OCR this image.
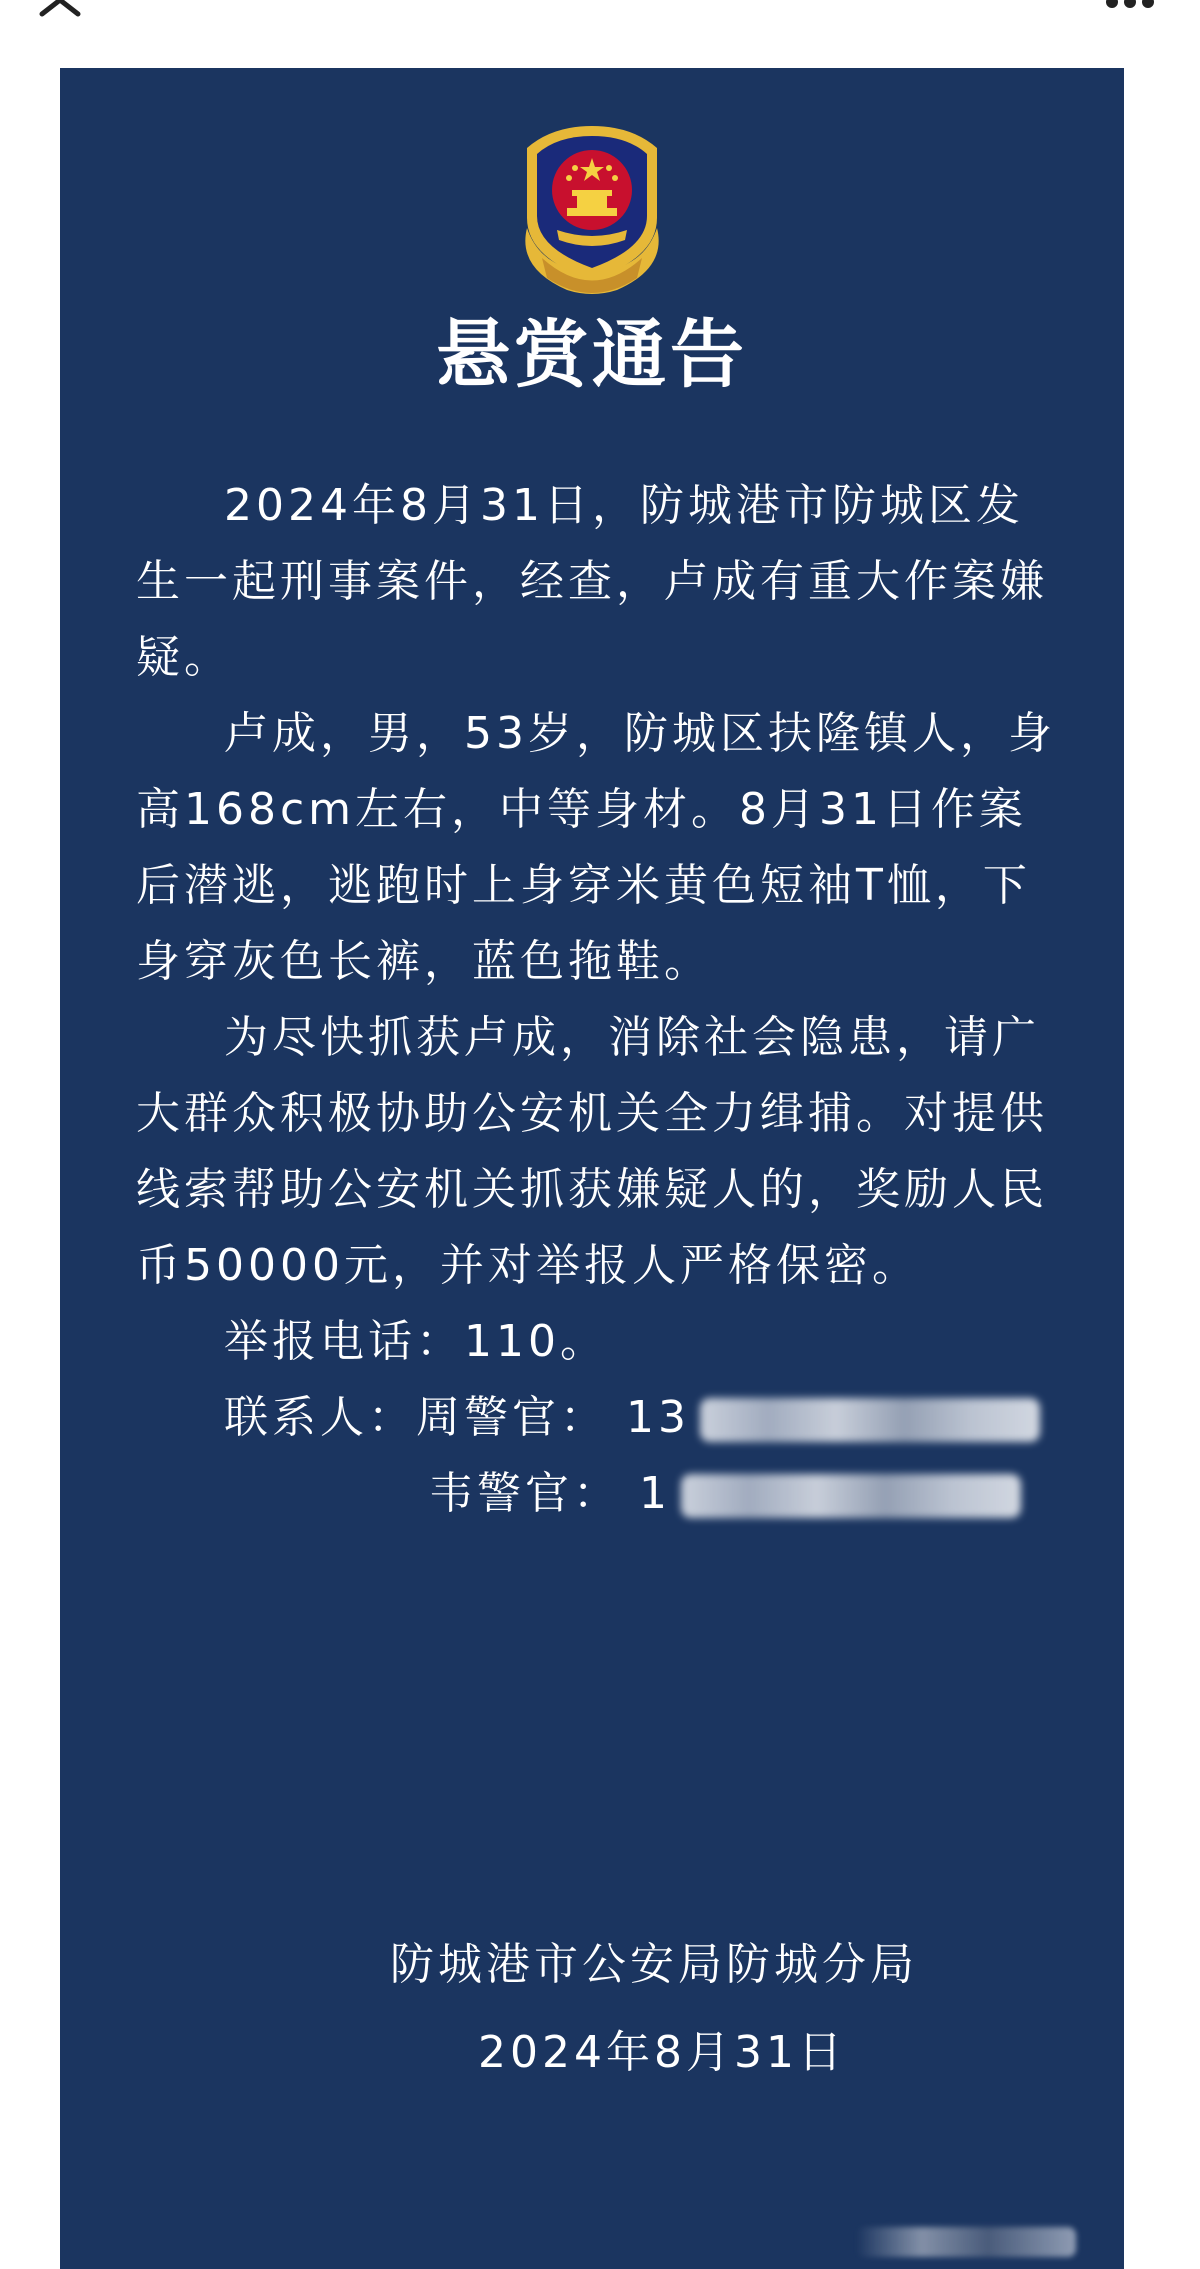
悬赏通告

2024年8月31日，防城港市防城区发生一起刑事案件，经查，卢成有重大作案嫌疑。

卢成，男，53岁，防城区扶隆镇人，身高168cm左右，中等身材。8月31日作案后潜逃，逃跑时上身穿米黄色短袖T恤，下身穿灰色长裤，蓝色拖鞋。

为尽快抓获卢成，消除社会隐患，请广大群众积极协助公安机关全力缉捕。对提供线索帮助公安机关抓获嫌疑人的，奖励人民币50000元，并对举报人严格保密。

举报电话：110。

联系人：周警官： 13

韦警官： 1

防城港市公安局防城分局
2024年8月31日
